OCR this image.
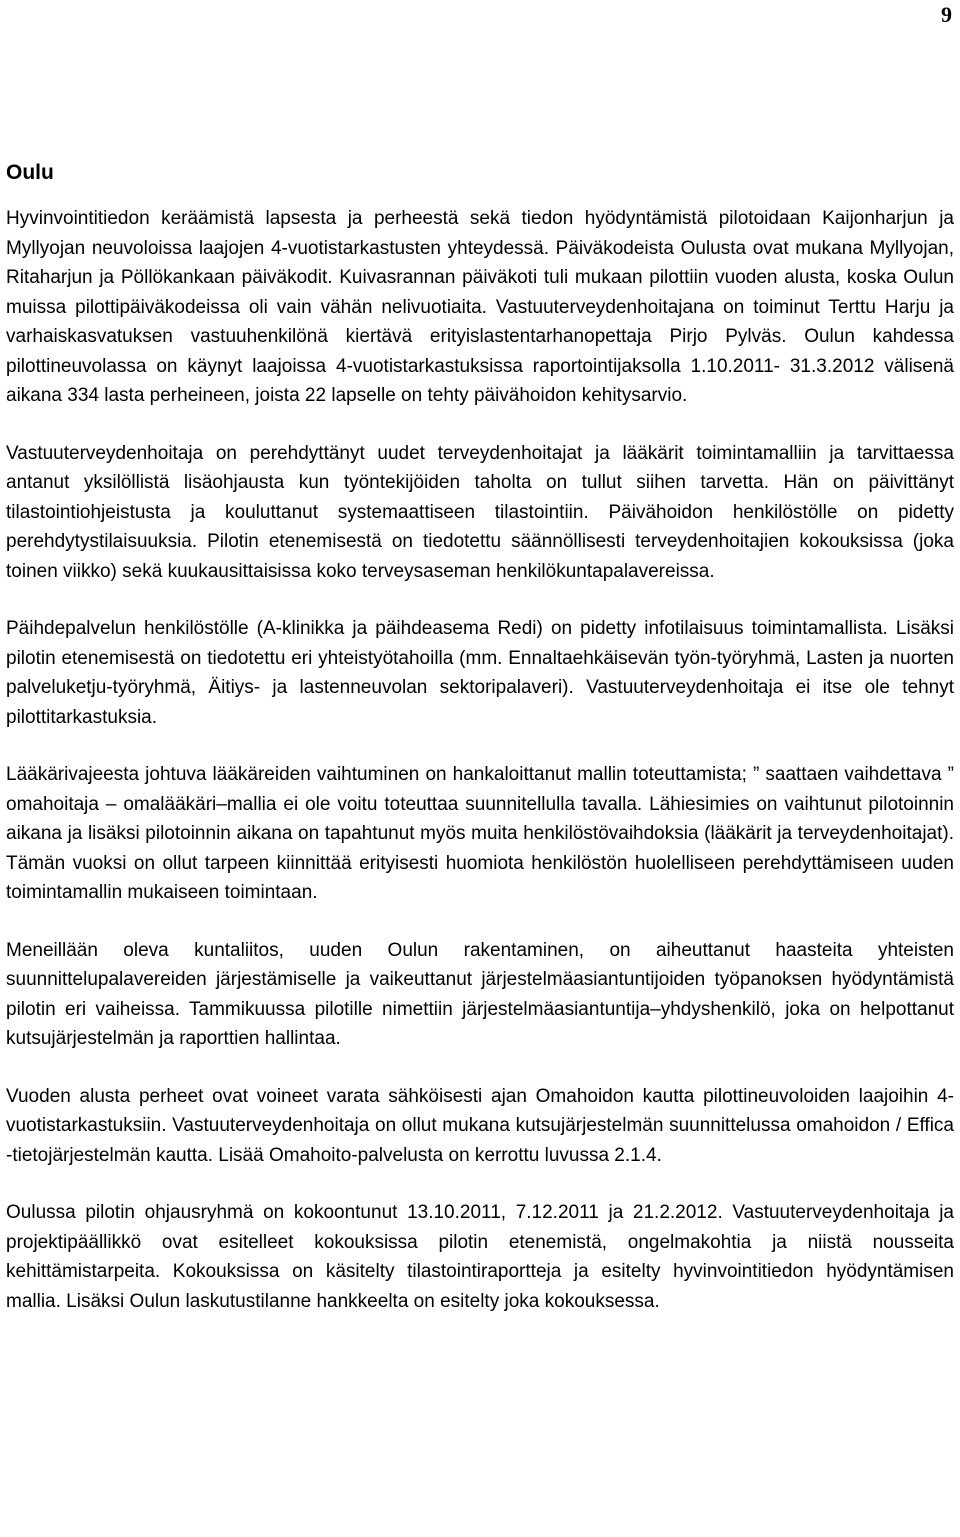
9
Oulu

Hyvinvointitiedon keräämistä lapsesta ja perheestä sekä tiedon hyödyntämistä pilotoidaan Kaijonharjun ja Myllyojan neuvoloissa laajojen 4-vuotistarkastusten yhteydessä. Päiväkodeista Oulusta ovat mukana Myllyojan, Ritaharjun ja Pöllökankaan päiväkodit. Kuivasrannan päiväkoti tuli mukaan pilottiin vuoden alusta, koska Oulun muissa pilottipäiväkodeissa oli vain vähän nelivuotiaita. Vastuuterveydenhoitajana on toiminut Terttu Harju ja varhaiskasvatuksen vastuuhenkilönä kiertävä erityislastentarhanopettaja Pirjo Pylväs. Oulun kahdessa pilottineuvolassa on käynyt laajoissa 4-vuotistarkastuksissa raportointijaksolla 1.10.2011- 31.3.2012 välisenä aikana 334 lasta perheineen, joista 22 lapselle on tehty päivähoidon kehitysarvio.

Vastuuterveydenhoitaja on perehdyttänyt uudet terveydenhoitajat ja lääkärit toimintamalliin ja tarvittaessa antanut yksilöllistä lisäohjausta kun työntekijöiden taholta on tullut siihen tarvetta. Hän on päivittänyt tilastointiohjeistusta ja kouluttanut systemaattiseen tilastointiin. Päivähoidon henkilöstölle on pidetty perehdytystilaisuuksia. Pilotin etenemisestä on tiedotettu säännöllisesti terveydenhoitajien kokouksissa (joka toinen viikko) sekä kuukausittaisissa koko terveysaseman henkilökuntapalavereissa.

Päihdepalvelun henkilöstölle (A-klinikka ja päihdeasema Redi) on pidetty infotilaisuus toimintamallista. Lisäksi pilotin etenemisestä on tiedotettu eri yhteistyötahoilla (mm. Ennaltaehkäisevän työn-työryhmä, Lasten ja nuorten palveluketju-työryhmä, Äitiys- ja lastenneuvolan sektoripalaveri). Vastuuterveydenhoitaja ei itse ole tehnyt pilottitarkastuksia.

Lääkärivajeesta johtuva lääkäreiden vaihtuminen on hankaloittanut mallin toteuttamista; ” saattaen vaihdettava ” omahoitaja – omalääkäri–mallia ei ole voitu toteuttaa suunnitellulla tavalla. Lähiesimies on vaihtunut pilotoinnin aikana ja lisäksi pilotoinnin aikana on tapahtunut myös muita henkilöstövaihdoksia (lääkärit ja terveydenhoitajat). Tämän vuoksi on ollut tarpeen kiinnittää erityisesti huomiota henkilöstön huolelliseen perehdyttämiseen uuden toimintamallin mukaiseen toimintaan.

Meneillään oleva kuntaliitos, uuden Oulun rakentaminen, on aiheuttanut haasteita yhteisten suunnittelupalavereiden järjestämiselle ja vaikeuttanut järjestelmäasiantuntijoiden työpanoksen hyödyntämistä pilotin eri vaiheissa. Tammikuussa pilotille nimettiin järjestelmäasiantuntija–yhdyshenkilö, joka on helpottanut kutsujärjestelmän ja raporttien hallintaa.

Vuoden alusta perheet ovat voineet varata sähköisesti ajan Omahoidon kautta pilottineuvoloiden laajoihin 4-vuotistarkastuksiin. Vastuuterveydenhoitaja on ollut mukana kutsujärjestelmän suunnittelussa omahoidon / Effica -tietojärjestelmän kautta. Lisää Omahoito-palvelusta on kerrottu luvussa 2.1.4.

Oulussa pilotin ohjausryhmä on kokoontunut 13.10.2011, 7.12.2011 ja 21.2.2012. Vastuuterveydenhoitaja ja projektipäällikkö ovat esitelleet kokouksissa pilotin etenemistä, ongelmakohtia ja niistä nousseita kehittämistarpeita. Kokouksissa on käsitelty tilastointiraportteja ja esitelty hyvinvointitiedon hyödyntämisen mallia. Lisäksi Oulun laskutustilanne hankkeelta on esitelty joka kokouksessa.
